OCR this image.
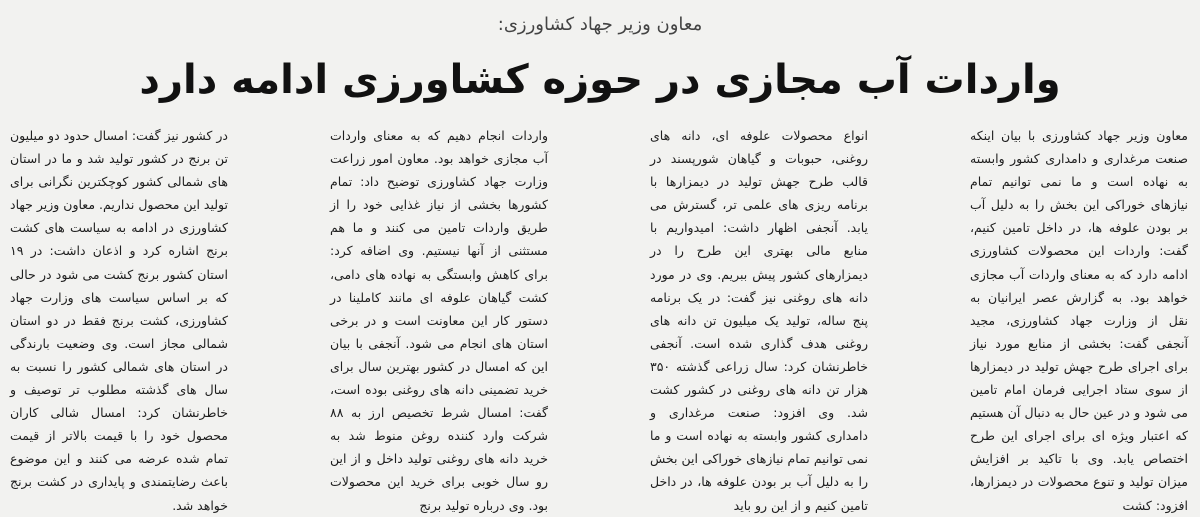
معاون وزیر جهاد کشاورزی:
واردات آب مجازی در حوزه کشاورزی ادامه دارد

معاون وزیر جهاد کشاورزی با بیان اینکه صنعت مرغداری و دامداری کشور وابسته به نهاده است و ما نمی توانیم تمام نیازهای خوراکی این بخش را به دلیل آب بر بودن علوفه ها، در داخل تامین کنیم، گفت: واردات این محصولات کشاورزی ادامه دارد که به معنای واردات آب مجازی خواهد بود. به گزارش عصر ایرانیان به نقل از وزارت جهاد کشاورزی، مجید آنجفی گفت: بخشی از منابع مورد نیاز برای اجرای طرح جهش تولید در دیمزارها از سوی ستاد اجرایی فرمان امام تامین می شود و در عین حال به دنبال آن هستیم که اعتبار ویژه ای برای اجرای این طرح اختصاص یابد. وی با تاکید بر افزایش میزان تولید و تنوع محصولات در دیمزارها، افزود: کشت

انواع محصولات علوفه ای، دانه های روغنی، حبوبات و گیاهان شورپسند در قالب طرح جهش تولید در دیمزارها با برنامه ریزی های علمی تر، گسترش می یابد. آنجفی اظهار داشت: امیدواریم با منابع مالی بهتری این طرح را در دیمزارهای کشور پیش ببریم. وی در مورد دانه های روغنی نیز گفت: در یک برنامه پنج ساله، تولید یک میلیون تن دانه های روغنی هدف گذاری شده است. آنجفی خاطرنشان کرد: سال زراعی گذشته ۳۵۰ هزار تن دانه های روغنی در کشور کشت شد. وی افزود: صنعت مرغداری و دامداری کشور وابسته به نهاده است و ما نمی توانیم تمام نیازهای خوراکی این بخش را به دلیل آب بر بودن علوفه ها، در داخل تامین کنیم و از این رو باید

واردات انجام دهیم که به معنای واردات آب مجازی خواهد بود. معاون امور زراعت وزارت جهاد کشاورزی توضیح داد: تمام کشورها بخشی از نیاز غذایی خود را از طریق واردات تامین می کنند و ما هم مستثنی از آنها نیستیم. وی اضافه کرد: برای کاهش وابستگی به نهاده های دامی، کشت گیاهان علوفه ای مانند کاملینا در دستور کار این معاونت است و در برخی استان های انجام می شود. آنجفی با بیان این که امسال در کشور بهترین سال برای خرید تضمینی دانه های روغنی بوده است، گفت: امسال شرط تخصیص ارز به ۸۸ شرکت وارد کننده روغن منوط شد به خرید دانه های روغنی تولید داخل و از این رو سال خوبی برای خرید این محصولات بود. وی درباره تولید برنج

در کشور نیز گفت: امسال حدود دو میلیون تن برنج در کشور تولید شد و ما در استان های شمالی کشور کوچکترین نگرانی برای تولید این محصول نداریم. معاون وزیر جهاد کشاورزی در ادامه به سیاست های کشت برنج اشاره کرد و اذعان داشت: در ۱۹ استان کشور برنج کشت می شود در حالی که بر اساس سیاست های وزارت جهاد کشاورزی، کشت برنج فقط در دو استان شمالی مجاز است. وی وضعیت بارندگی در استان های شمالی کشور را نسبت به سال های گذشته مطلوب تر توصیف و خاطرنشان کرد: امسال شالی کاران محصول خود را با قیمت بالاتر از قیمت تمام شده عرضه می کنند و این موضوع باعث رضایتمندی و پایداری در کشت برنج خواهد شد.
